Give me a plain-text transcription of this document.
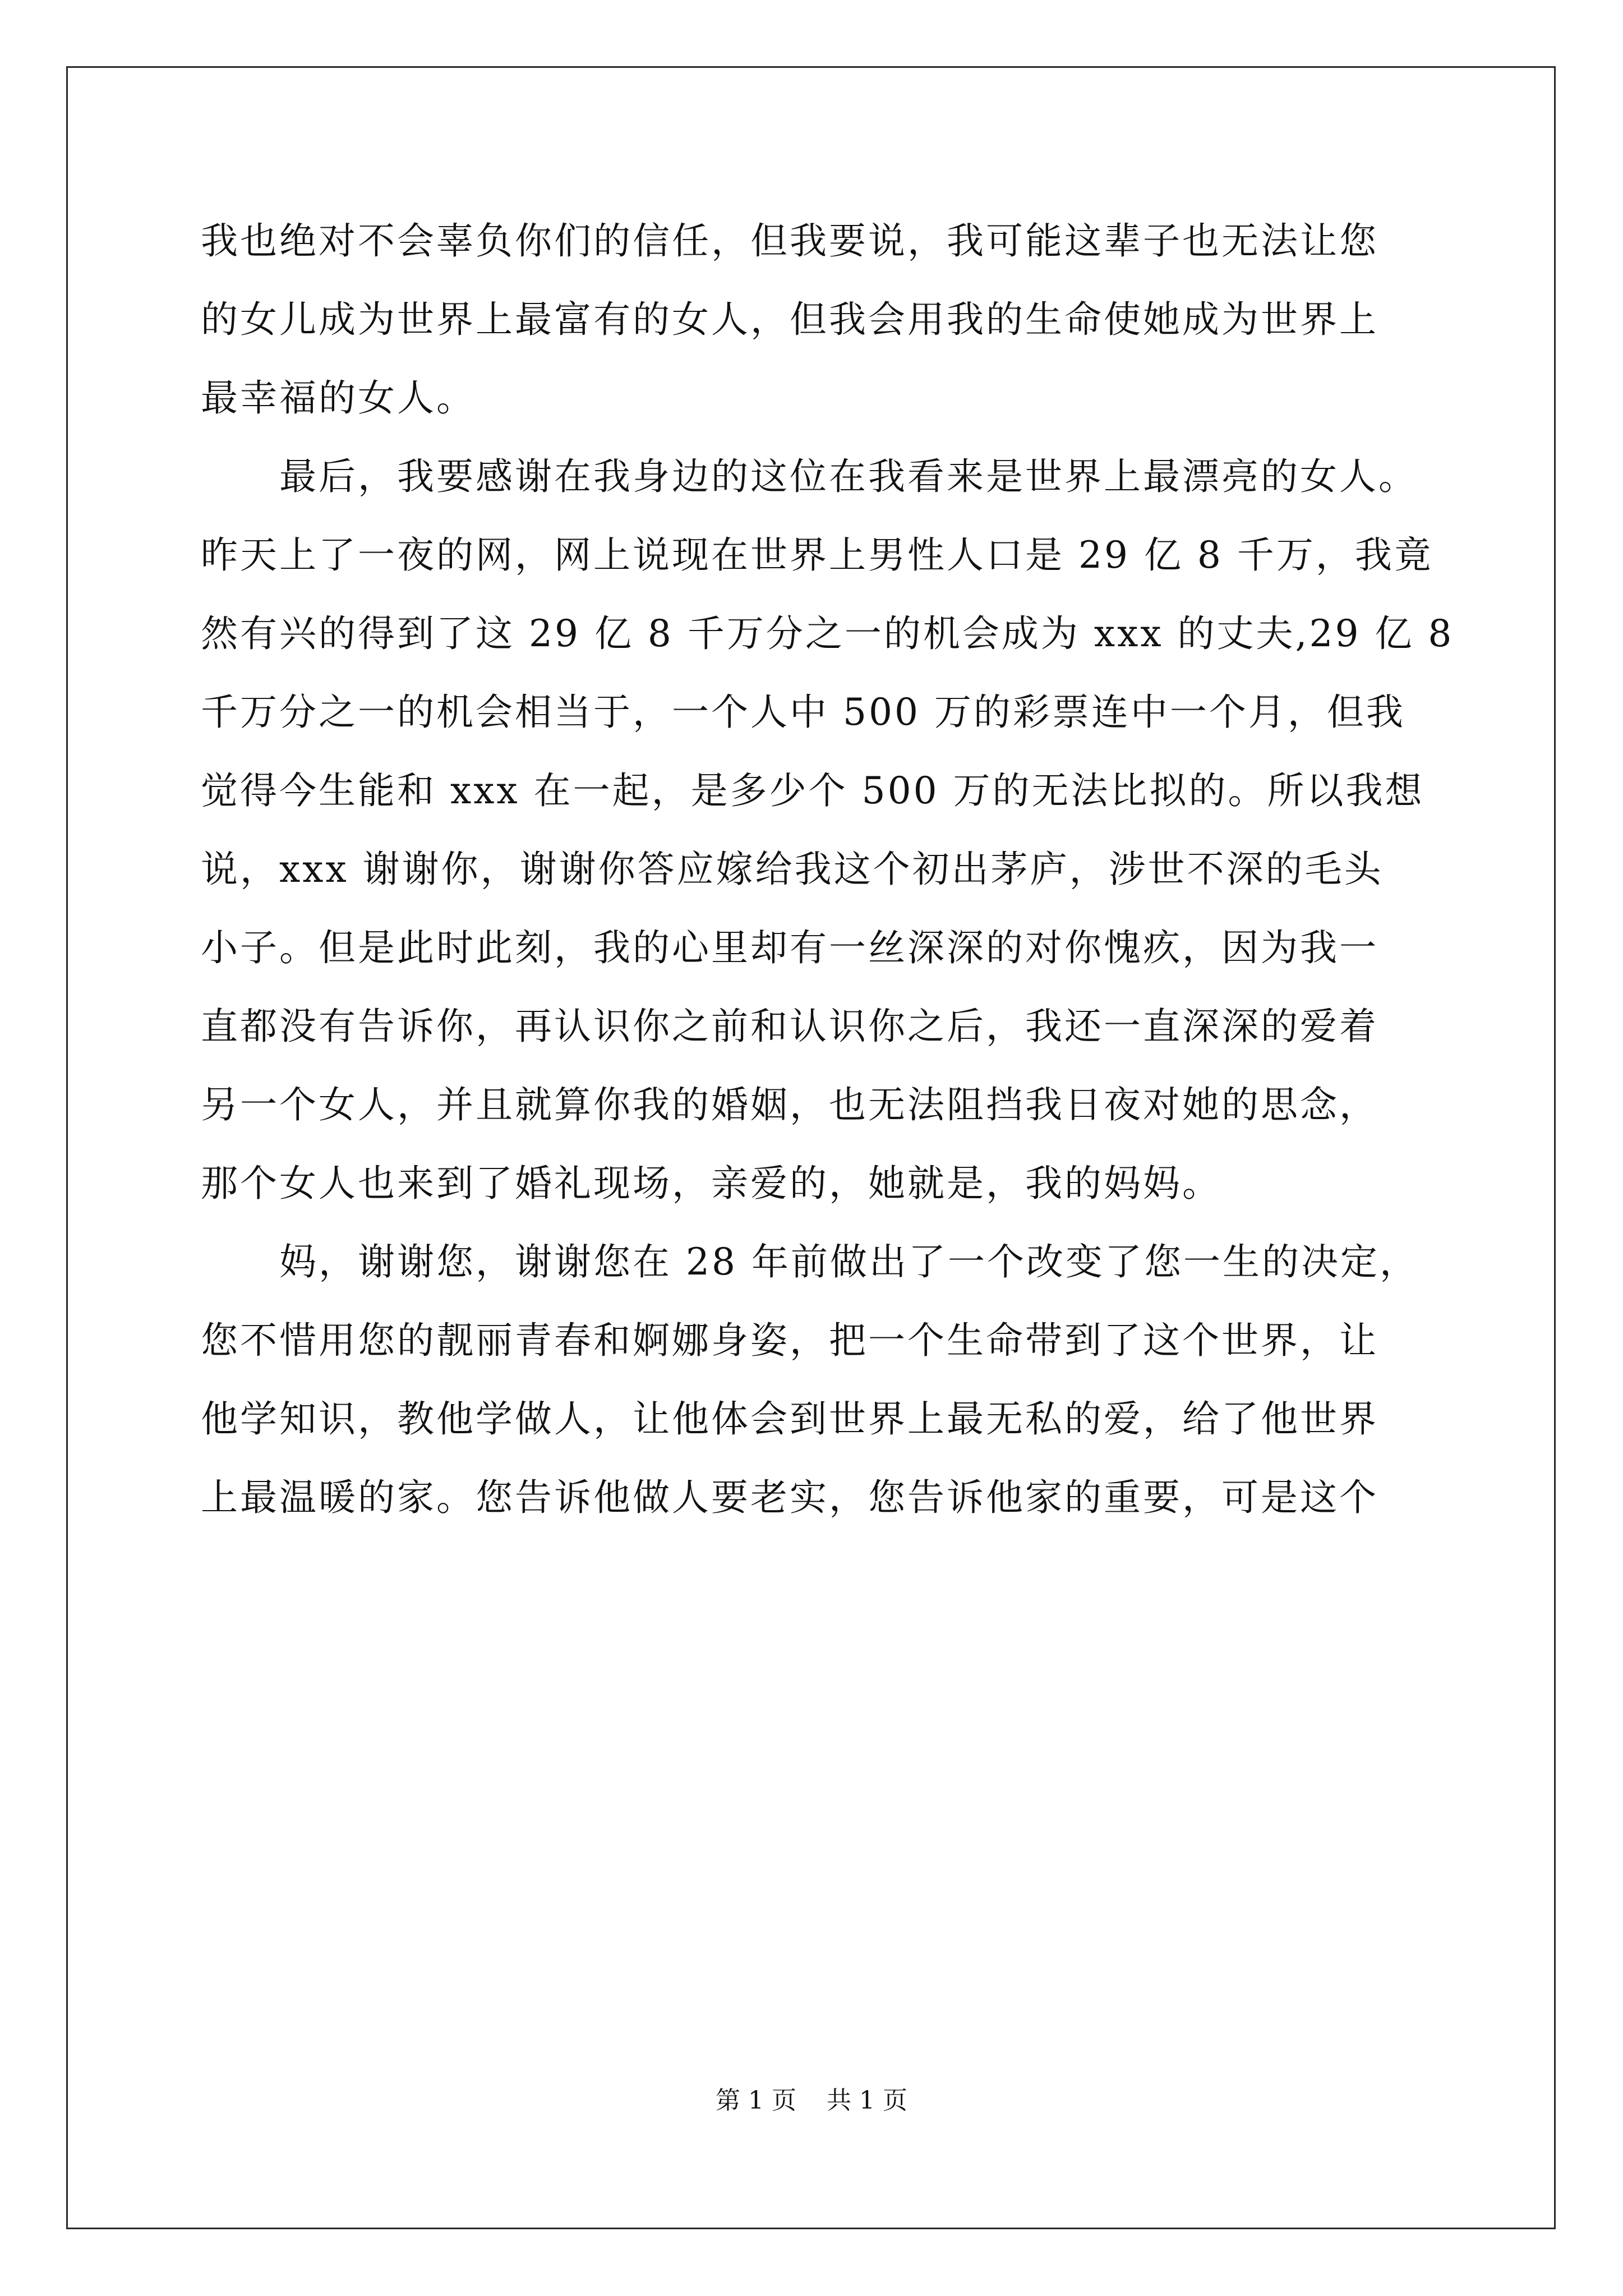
我也绝对不会辜负你们的信任，但我要说，我可能这辈子也无法让您
的女儿成为世界上最富有的女人，但我会用我的生命使她成为世界上
最幸福的女人。
　　最后，我要感谢在我身边的这位在我看来是世界上最漂亮的女人。
昨天上了一夜的网，网上说现在世界上男性人口是 29 亿 8 千万，我竟
然有兴的得到了这 29 亿 8 千万分之一的机会成为 xxx 的丈夫,29 亿 8
千万分之一的机会相当于，一个人中 500 万的彩票连中一个月，但我
觉得今生能和 xxx 在一起，是多少个 500 万的无法比拟的。所以我想
说，xxx 谢谢你，谢谢你答应嫁给我这个初出茅庐，涉世不深的毛头
小子。但是此时此刻，我的心里却有一丝深深的对你愧疚，因为我一
直都没有告诉你，再认识你之前和认识你之后，我还一直深深的爱着
另一个女人，并且就算你我的婚姻，也无法阻挡我日夜对她的思念，
那个女人也来到了婚礼现场，亲爱的，她就是，我的妈妈。
　　妈，谢谢您，谢谢您在 28 年前做出了一个改变了您一生的决定，
您不惜用您的靓丽青春和婀娜身姿，把一个生命带到了这个世界，让
他学知识，教他学做人，让他体会到世界上最无私的爱，给了他世界
上最温暖的家。您告诉他做人要老实，您告诉他家的重要，可是这个
第 1 页 共 1 页
